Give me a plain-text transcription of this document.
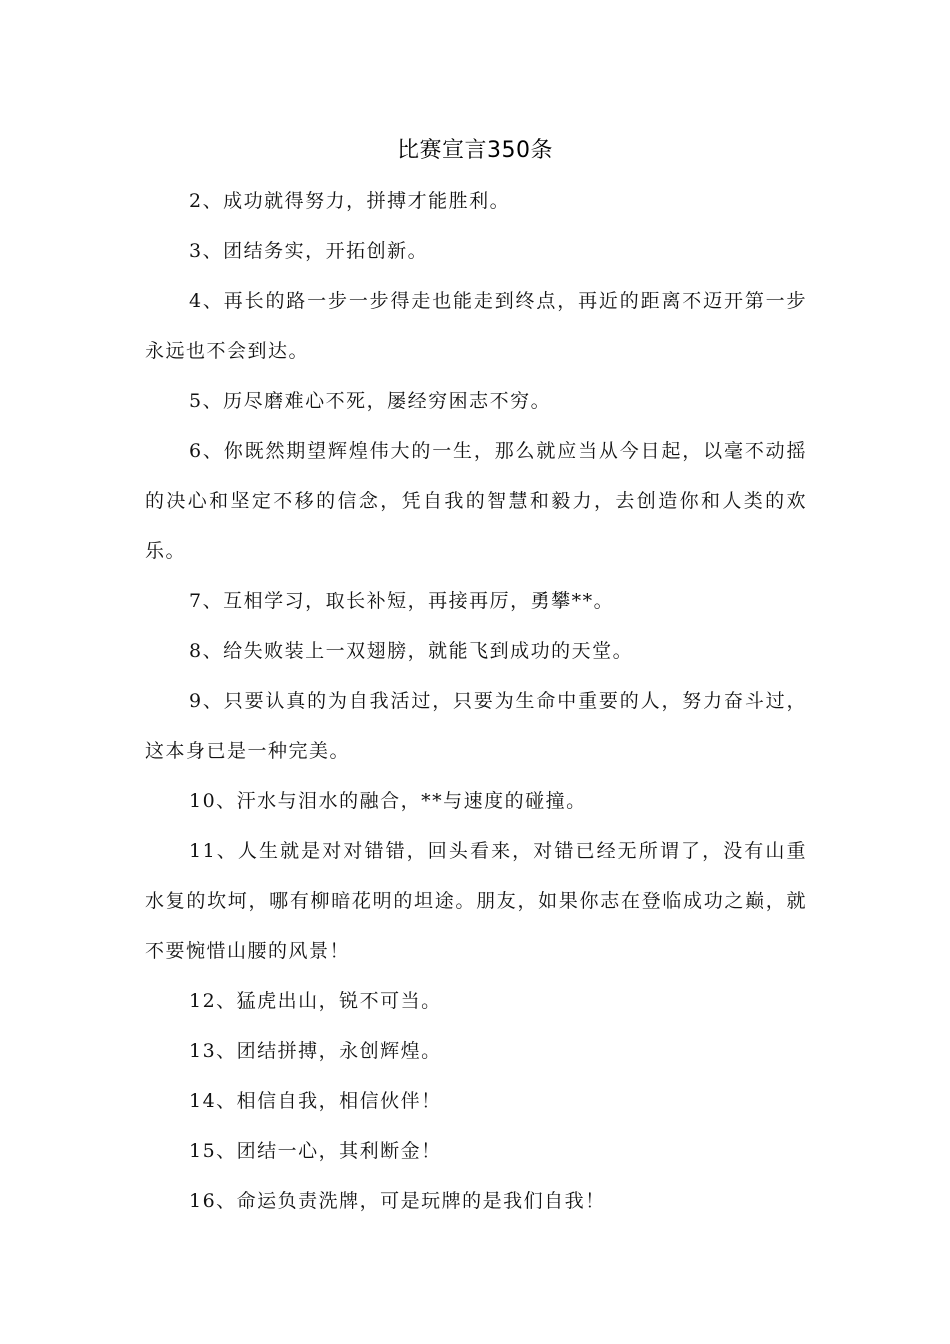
比赛宣言350条

2、成功就得努力，拼搏才能胜利。

3、团结务实，开拓创新。

4、再长的路一步一步得走也能走到终点，再近的距离不迈开第一步永远也不会到达。

5、历尽磨难心不死，屡经穷困志不穷。

6、你既然期望辉煌伟大的一生，那么就应当从今日起，以毫不动摇的决心和坚定不移的信念，凭自我的智慧和毅力，去创造你和人类的欢乐。

7、互相学习，取长补短，再接再厉，勇攀**。

8、给失败装上一双翅膀，就能飞到成功的天堂。

9、只要认真的为自我活过，只要为生命中重要的人，努力奋斗过，这本身已是一种完美。

10、汗水与泪水的融合，**与速度的碰撞。

11、人生就是对对错错，回头看来，对错已经无所谓了，没有山重水复的坎坷，哪有柳暗花明的坦途。朋友，如果你志在登临成功之巅，就不要惋惜山腰的风景！

12、猛虎出山，锐不可当。

13、团结拼搏，永创辉煌。

14、相信自我，相信伙伴！

15、团结一心，其利断金！

16、命运负责洗牌，可是玩牌的是我们自我！
